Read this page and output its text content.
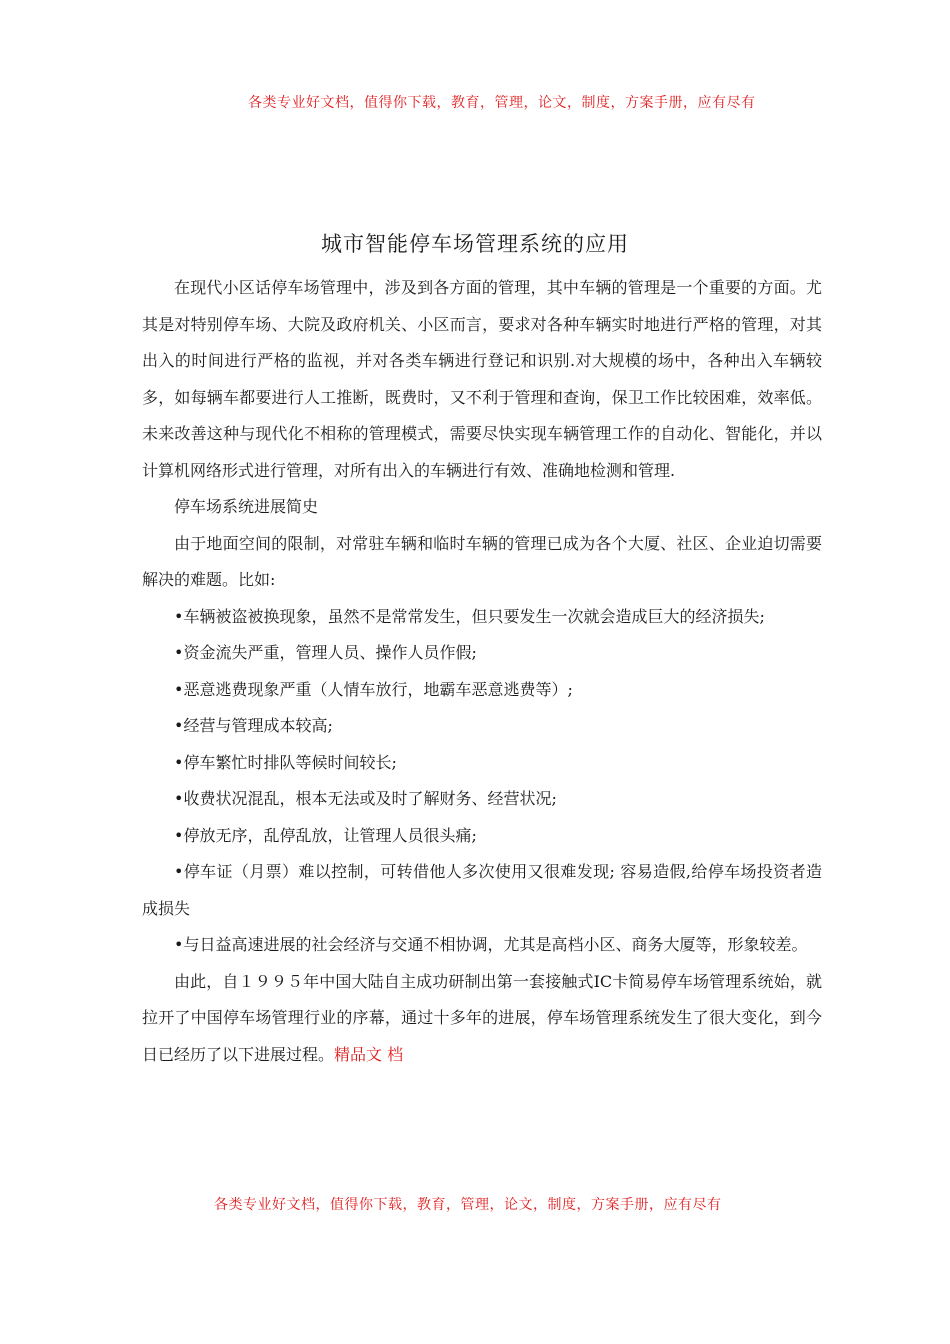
各类专业好文档，值得你下载，教育，管理，论文，制度，方案手册，应有尽有
城市智能停车场管理系统的应用

在现代小区话停车场管理中，涉及到各方面的管理，其中车辆的管理是一个重要的方面。尤其是对特别停车场、大院及政府机关、小区而言，要求对各种车辆实时地进行严格的管理，对其出入的时间进行严格的监视，并对各类车辆进行登记和识别.对大规模的场中，各种出入车辆较多，如每辆车都要进行人工推断，既费时，又不利于管理和查询，保卫工作比较困难，效率低。未来改善这种与现代化不相称的管理模式，需要尽快实现车辆管理工作的自动化、智能化，并以计算机网络形式进行管理，对所有出入的车辆进行有效、准确地检测和管理.

停车场系统进展简史

由于地面空间的限制，对常驻车辆和临时车辆的管理已成为各个大厦、社区、企业迫切需要解决的难题。比如:

•车辆被盗被换现象，虽然不是常常发生，但只要发生一次就会造成巨大的经济损失;

•资金流失严重，管理人员、操作人员作假;

•恶意逃费现象严重（人情车放行，地霸车恶意逃费等）;

•经营与管理成本较高;

•停车繁忙时排队等候时间较长;

•收费状况混乱，根本无法或及时了解财务、经营状况;

•停放无序，乱停乱放，让管理人员很头痛;

•停车证（月票）难以控制，可转借他人多次使用又很难发现; 容易造假,给停车场投资者造成损失

•与日益高速进展的社会经济与交通不相协调，尤其是高档小区、商务大厦等，形象较差。

由此，自１９９５年中国大陆自主成功研制出第一套接触式IC卡简易停车场管理系统始，就拉开了中国停车场管理行业的序幕，通过十多年的进展，停车场管理系统发生了很大变化，到今日已经历了以下进展过程。精品文 档

各类专业好文档，值得你下载，教育，管理，论文，制度，方案手册，应有尽有
